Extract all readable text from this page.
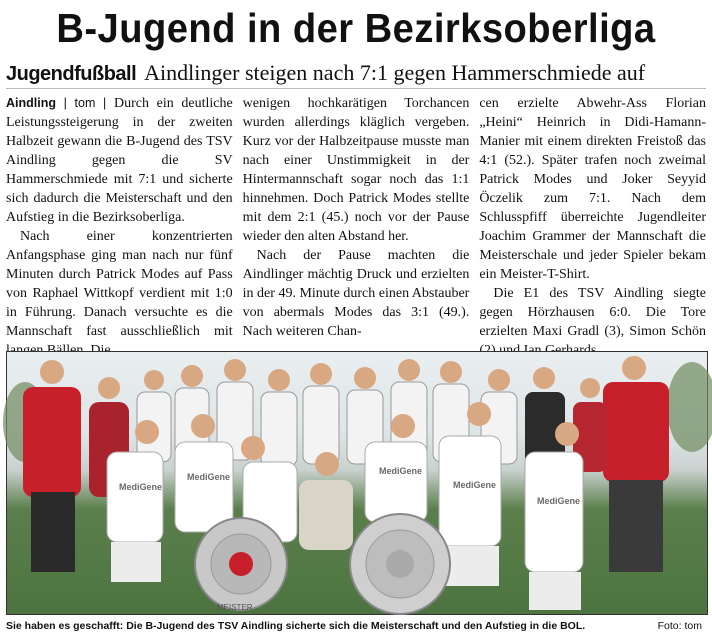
B-Jugend in der Bezirksoberliga
Jugendfußball Aindlinger steigen nach 7:1 gegen Hammerschmiede auf

Aindling | tom | Durch ein deutliche Leistungssteigerung in der zweiten Halbzeit gewann die B-Jugend des TSV Aindling gegen die SV Hammerschmiede mit 7:1 und sicherte sich dadurch die Meisterschaft und den Aufstieg in die Bezirksoberliga.

Nach einer konzentrierten Anfangsphase ging man nach nur fünf Minuten durch Patrick Modes auf Pass von Raphael Wittkopf verdient mit 1:0 in Führung. Danach versuchte es die Mannschaft fast ausschließlich mit

wenigen hochkarätigen Torchancen wurden allerdings kläglich vergeben. Kurz vor der Halbzeitpause musste man nach einer Unstimmigkeit in der Hintermannschaft sogar noch das 1:1 hinnehmen. Doch Patrick Modes stellte mit dem 2:1 (45.) noch vor der Pause wieder den alten Abstand her.

Nach der Pause machten die Aindlinger mächtig Druck und erzielten in der 49. Minute durch einen Abstauber von abermals Modes das 3:1 (49.). Nach weiteren Chan-

cen erzielte Abwehr-Ass Florian „Heini“ Heinrich in Didi-Hamann-Manier mit einem direkten Freistoß das 4:1 (52.). Später trafen noch zweimal Patrick Modes und Joker Seyyid Öczelik zum 7:1. Nach dem Schlusspfiff überreichte Jugendleiter Joachim Grammer der Mannschaft die Meisterschale und jeder Spieler bekam ein Meister-T-Shirt.

Die E1 des TSV Aindling siegte gegen Hörzhausen 6:0. Die Tore erzielten Maxi Gradl (3), Simon Schön

MediGene
MediGene
MediGene
MediGene
MediGene
MEISTER
Sie haben es geschafft: Die B-Jugend des TSV Aindling sicherte sich die Meisterschaft und den Aufstieg in die BOL.	Foto: tom
